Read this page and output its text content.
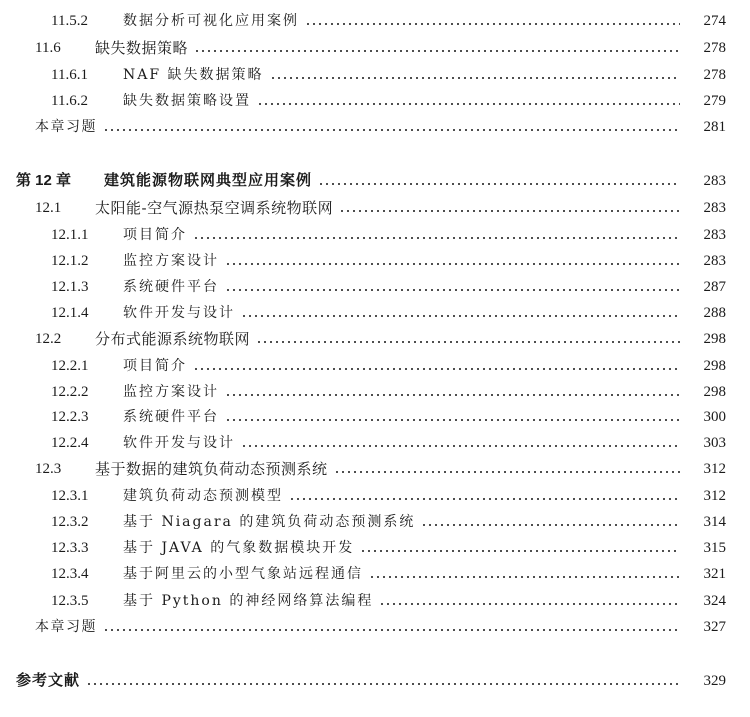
11.5.2	数据分析可视化应用案例	274
11.6	缺失数据策略	278
11.6.1	NAF 缺失数据策略	278
11.6.2	缺失数据策略设置	279
本章习题	281
第 12 章	建筑能源物联网典型应用案例	283
12.1	太阳能-空气源热泵空调系统物联网	283
12.1.1	项目简介	283
12.1.2	监控方案设计	283
12.1.3	系统硬件平台	287
12.1.4	软件开发与设计	288
12.2	分布式能源系统物联网	298
12.2.1	项目简介	298
12.2.2	监控方案设计	298
12.2.3	系统硬件平台	300
12.2.4	软件开发与设计	303
12.3	基于数据的建筑负荷动态预测系统	312
12.3.1	建筑负荷动态预测模型	312
12.3.2	基于 Niagara 的建筑负荷动态预测系统	314
12.3.3	基于 JAVA 的气象数据模块开发	315
12.3.4	基于阿里云的小型气象站远程通信	321
12.3.5	基于 Python 的神经网络算法编程	324
本章习题	327
参考文献	329
